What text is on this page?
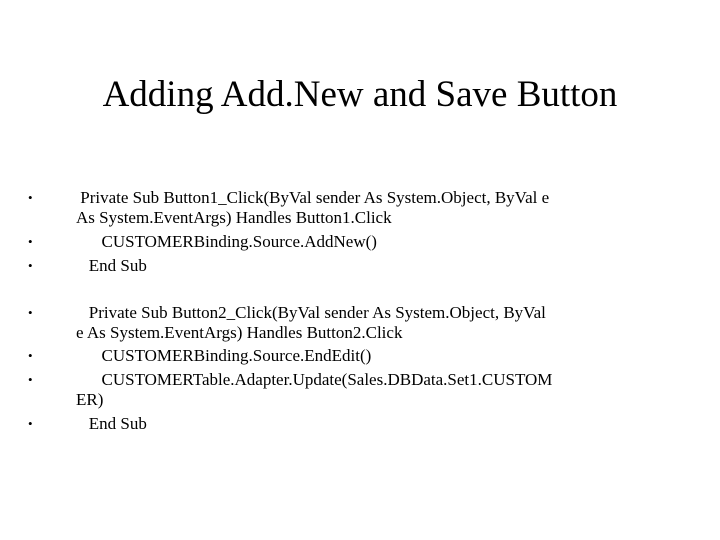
Adding Add.New and Save Button
•	Private Sub Button1_Click(ByVal sender As System.Object, ByVal e
As System.EventArgs) Handles Button1.Click
•	CUSTOMERBinding.Source.AddNew()
•	End Sub
•	Private Sub Button2_Click(ByVal sender As System.Object, ByVal
e As System.EventArgs) Handles Button2.Click
•	CUSTOMERBinding.Source.EndEdit()
•	CUSTOMERTable.Adapter.Update(Sales.DBData.Set1.CUSTOM
ER)
•	End Sub
